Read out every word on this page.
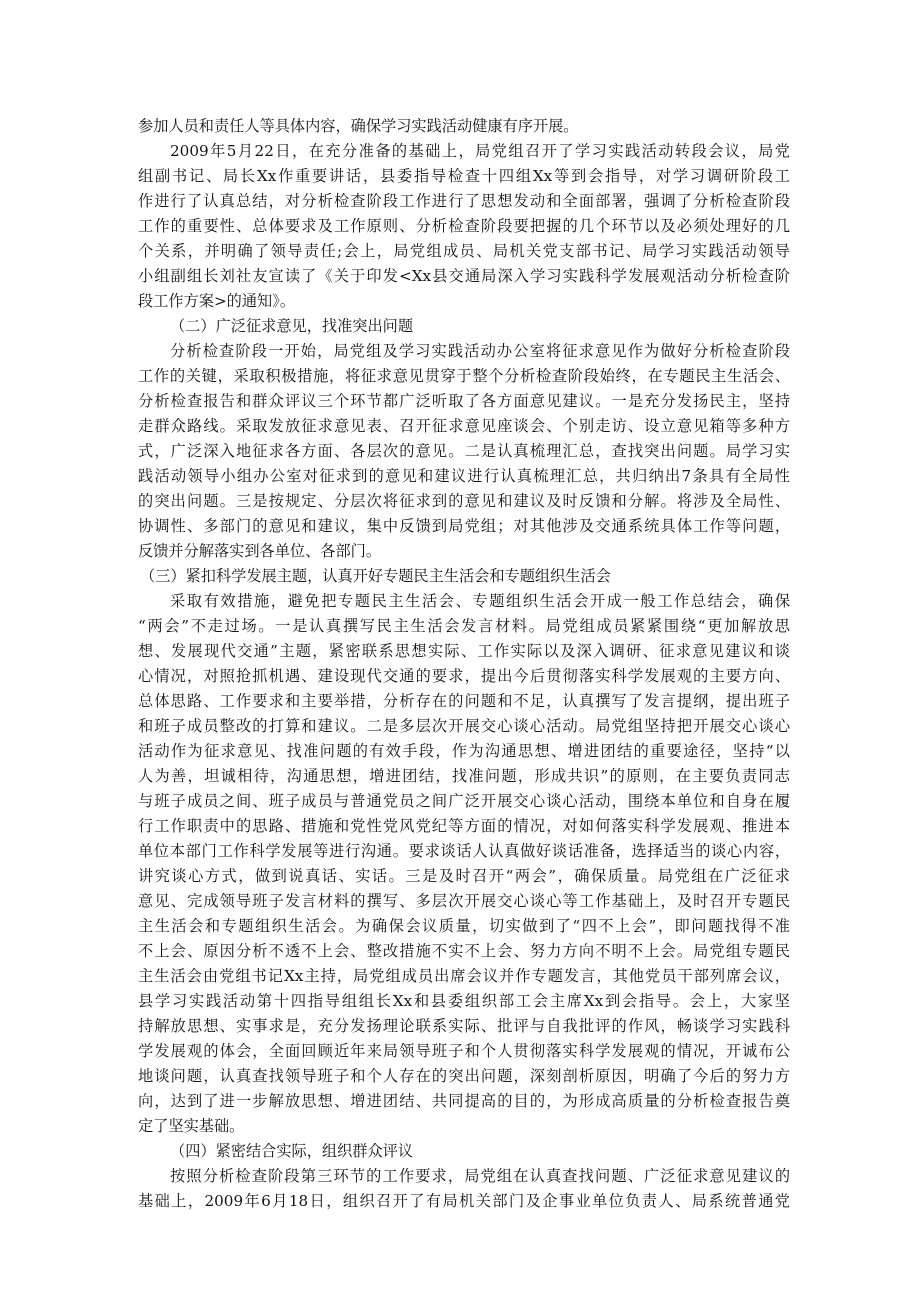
参加人员和责任人等具体内容，确保学习实践活动健康有序开展。
2009年5月22日，在充分准备的基础上，局党组召开了学习实践活动转段会议，局党
组副书记、局长Xx作重要讲话，县委指导检查十四组Xx等到会指导，对学习调研阶段工
作进行了认真总结，对分析检查阶段工作进行了思想发动和全面部署，强调了分析检查阶段
工作的重要性、总体要求及工作原则、分析检查阶段要把握的几个环节以及必须处理好的几
个关系，并明确了领导责任;会上，局党组成员、局机关党支部书记、局学习实践活动领导
小组副组长刘社友宣读了《关于印发<Xx县交通局深入学习实践科学发展观活动分析检查阶
段工作方案>的通知》。
（二）广泛征求意见，找准突出问题
分析检查阶段一开始，局党组及学习实践活动办公室将征求意见作为做好分析检查阶段
工作的关键，采取积极措施，将征求意见贯穿于整个分析检查阶段始终，在专题民主生活会、
分析检查报告和群众评议三个环节都广泛听取了各方面意见建议。一是充分发扬民主，坚持
走群众路线。采取发放征求意见表、召开征求意见座谈会、个别走访、设立意见箱等多种方
式，广泛深入地征求各方面、各层次的意见。二是认真梳理汇总，查找突出问题。局学习实
践活动领导小组办公室对征求到的意见和建议进行认真梳理汇总，共归纳出7条具有全局性
的突出问题。三是按规定、分层次将征求到的意见和建议及时反馈和分解。将涉及全局性、
协调性、多部门的意见和建议，集中反馈到局党组；对其他涉及交通系统具体工作等问题，
反馈并分解落实到各单位、各部门。
（三）紧扣科学发展主题，认真开好专题民主生活会和专题组织生活会
采取有效措施，避免把专题民主生活会、专题组织生活会开成一般工作总结会，确保
“两会”不走过场。一是认真撰写民主生活会发言材料。局党组成员紧紧围绕“更加解放思
想、发展现代交通”主题，紧密联系思想实际、工作实际以及深入调研、征求意见建议和谈
心情况，对照抢抓机遇、建设现代交通的要求，提出今后贯彻落实科学发展观的主要方向、
总体思路、工作要求和主要举措，分析存在的问题和不足，认真撰写了发言提纲，提出班子
和班子成员整改的打算和建议。二是多层次开展交心谈心活动。局党组坚持把开展交心谈心
活动作为征求意见、找准问题的有效手段，作为沟通思想、增进团结的重要途径，坚持“以
人为善，坦诚相待，沟通思想，增进团结，找准问题，形成共识”的原则，在主要负责同志
与班子成员之间、班子成员与普通党员之间广泛开展交心谈心活动，围绕本单位和自身在履
行工作职责中的思路、措施和党性党风党纪等方面的情况，对如何落实科学发展观、推进本
单位本部门工作科学发展等进行沟通。要求谈话人认真做好谈话准备，选择适当的谈心内容，
讲究谈心方式，做到说真话、实话。三是及时召开“两会”，确保质量。局党组在广泛征求
意见、完成领导班子发言材料的撰写、多层次开展交心谈心等工作基础上，及时召开专题民
主生活会和专题组织生活会。为确保会议质量，切实做到了“四不上会”，即问题找得不准
不上会、原因分析不透不上会、整改措施不实不上会、努力方向不明不上会。局党组专题民
主生活会由党组书记Xx主持，局党组成员出席会议并作专题发言，其他党员干部列席会议，
县学习实践活动第十四指导组组长Xx和县委组织部工会主席Xx到会指导。会上，大家坚
持解放思想、实事求是，充分发扬理论联系实际、批评与自我批评的作风，畅谈学习实践科
学发展观的体会，全面回顾近年来局领导班子和个人贯彻落实科学发展观的情况，开诚布公
地谈问题，认真查找领导班子和个人存在的突出问题，深刻剖析原因，明确了今后的努力方
向，达到了进一步解放思想、增进团结、共同提高的目的，为形成高质量的分析检查报告奠
定了坚实基础。
（四）紧密结合实际，组织群众评议
按照分析检查阶段第三环节的工作要求，局党组在认真查找问题、广泛征求意见建议的
基础上，2009年6月18日，组织召开了有局机关部门及企事业单位负责人、局系统普通党
